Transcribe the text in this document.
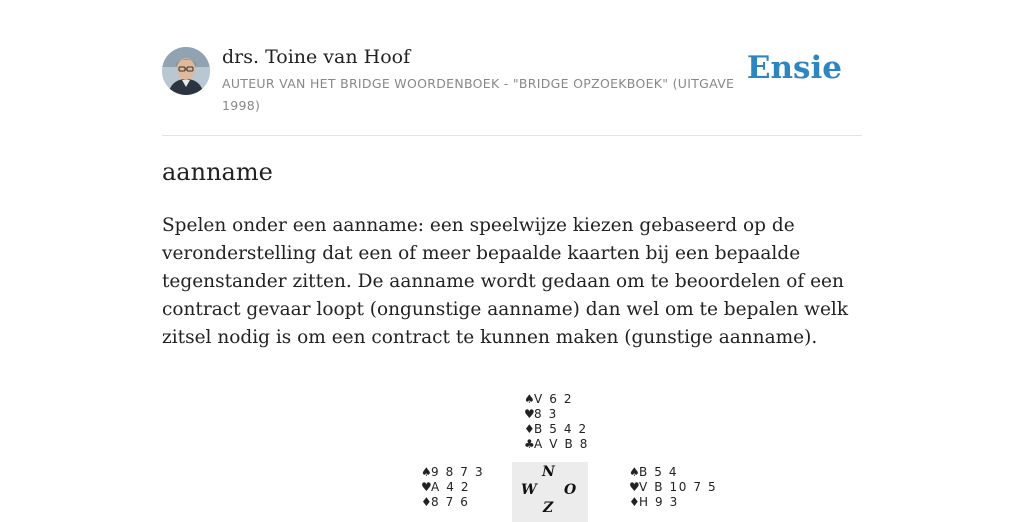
drs. Toine van Hoof
AUTEUR VAN HET BRIDGE WOORDENBOEK - "BRIDGE OPZOEKBOEK" (UITGAVE 1998)
Ensie
aanname
Spelen onder een aanname: een speelwijze kiezen gebaseerd op de veronderstelling dat een of meer bepaalde kaarten bij een bepaalde tegenstander zitten. De aanname wordt gedaan om te beoordelen of een contract gevaar loopt (ongunstige aanname) dan wel om te bepalen welk zitsel nodig is om een contract te kunnen maken (gunstige aanname).
♠V 6 2
♥8 3
♦B 5 4 2
♣A V B 8
♠9 8 7 3
♥A 4 2
♦8 7 6
N
W O
Z
♠B 5 4
♥V B 10 7 5
♦H 9 3
